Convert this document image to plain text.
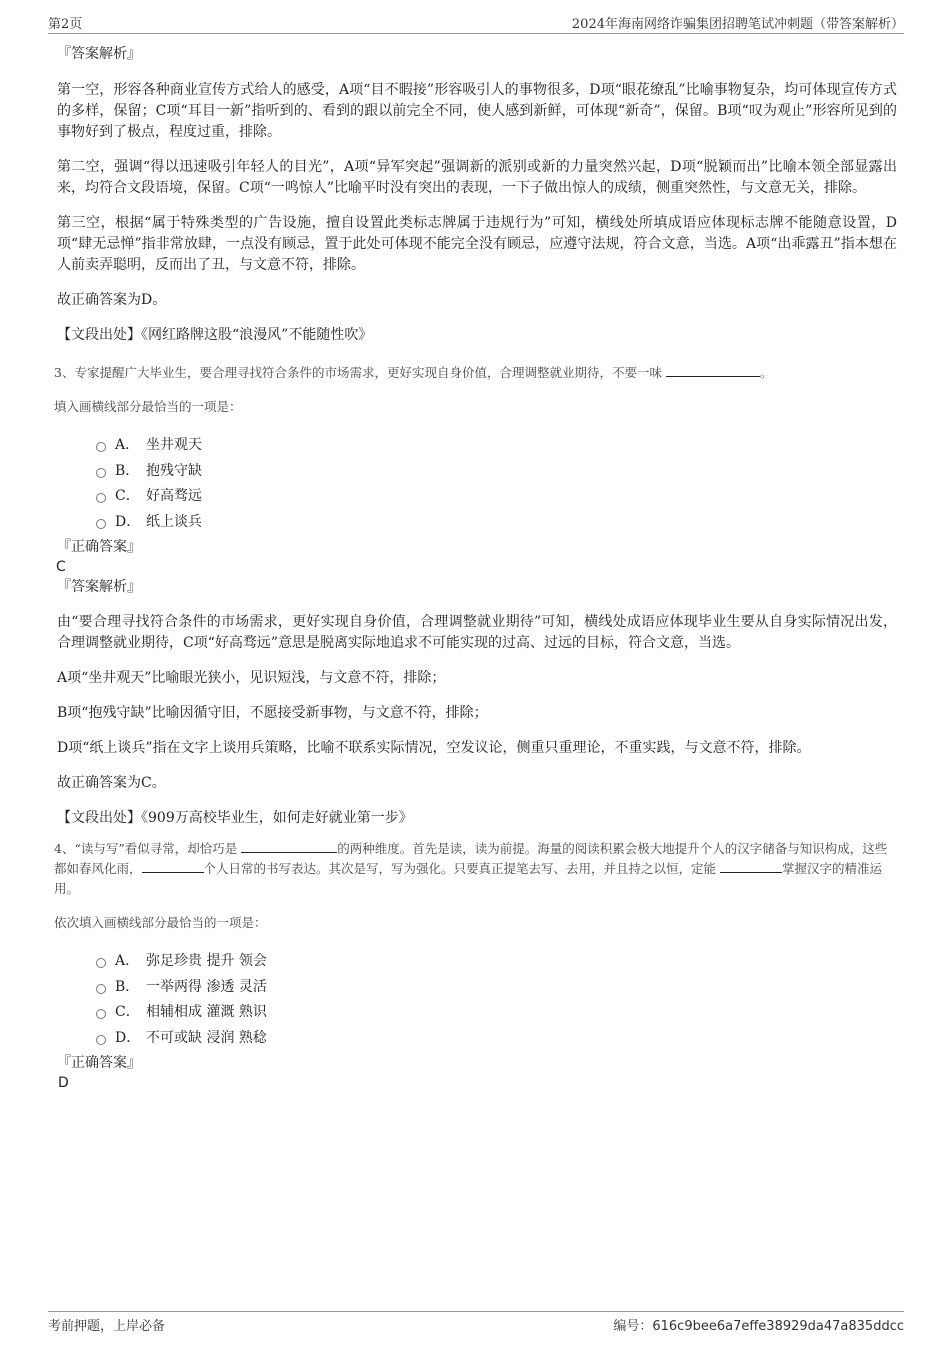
第2页	2024年海南网络诈骗集团招聘笔试冲刺题（带答案解析）

『答案解析』

第一空，形容各种商业宣传方式给人的感受，A项“目不暇接”形容吸引人的事物很多，D项“眼花缭乱”比喻事物复杂，均可体现宣传方式的多样，保留；C项“耳目一新”指听到的、看到的跟以前完全不同，使人感到新鲜，可体现“新奇”，保留。B项“叹为观止”形容所见到的事物好到了极点，程度过重，排除。

第二空，强调“得以迅速吸引年轻人的目光”，A项“异军突起”强调新的派别或新的力量突然兴起，D项“脱颖而出”比喻本领全部显露出来，均符合文段语境，保留。C项“一鸣惊人”比喻平时没有突出的表现，一下子做出惊人的成绩，侧重突然性，与文意无关，排除。

第三空，根据“属于特殊类型的广告设施，擅自设置此类标志牌属于违规行为”可知，横线处所填成语应体现标志牌不能随意设置，D项“肆无忌惮”指非常放肆，一点没有顾忌，置于此处可体现不能完全没有顾忌，应遵守法规，符合文意，当选。A项“出乖露丑”指本想在人前卖弄聪明，反而出了丑，与文意不符，排除。

故正确答案为D。

【文段出处】《网红路牌这股“浪漫风”不能随性吹》

3、专家提醒广大毕业生，要合理寻找符合条件的市场需求，更好实现自身价值，合理调整就业期待，不要一味	。

填入画横线部分最恰当的一项是：

A． 坐井观天
B． 抱残守缺
C． 好高骛远
D． 纸上谈兵

『正确答案』

C

『答案解析』

由“要合理寻找符合条件的市场需求，更好实现自身价值，合理调整就业期待”可知，横线处成语应体现毕业生要从自身实际情况出发，合理调整就业期待，C项“好高骛远”意思是脱离实际地追求不可能实现的过高、过远的目标，符合文意，当选。

A项“坐井观天”比喻眼光狭小，见识短浅，与文意不符，排除；

B项“抱残守缺”比喻因循守旧，不愿接受新事物，与文意不符，排除；

D项“纸上谈兵”指在文字上谈用兵策略，比喻不联系实际情况，空发议论，侧重只重理论，不重实践，与文意不符，排除。

故正确答案为C。

【文段出处】《909万高校毕业生，如何走好就业第一步》

4、“读与写”看似寻常，却恰巧是	的两种维度。首先是读，读为前提。海量的阅读积累会极大地提升个人的汉字储备与知识构成，这些都如春风化雨，	个人日常的书写表达。其次是写，写为强化。只要真正提笔去写、去用，并且持之以恒，定能	掌握汉字的精准运用。

依次填入画横线部分最恰当的一项是：

A． 弥足珍贵 提升 领会
B． 一举两得 渗透 灵活
C． 相辅相成 灌溉 熟识
D． 不可或缺 浸润 熟稔

『正确答案』

D

考前押题，上岸必备	编号：616c9bee6a7effe38929da47a835ddcc
